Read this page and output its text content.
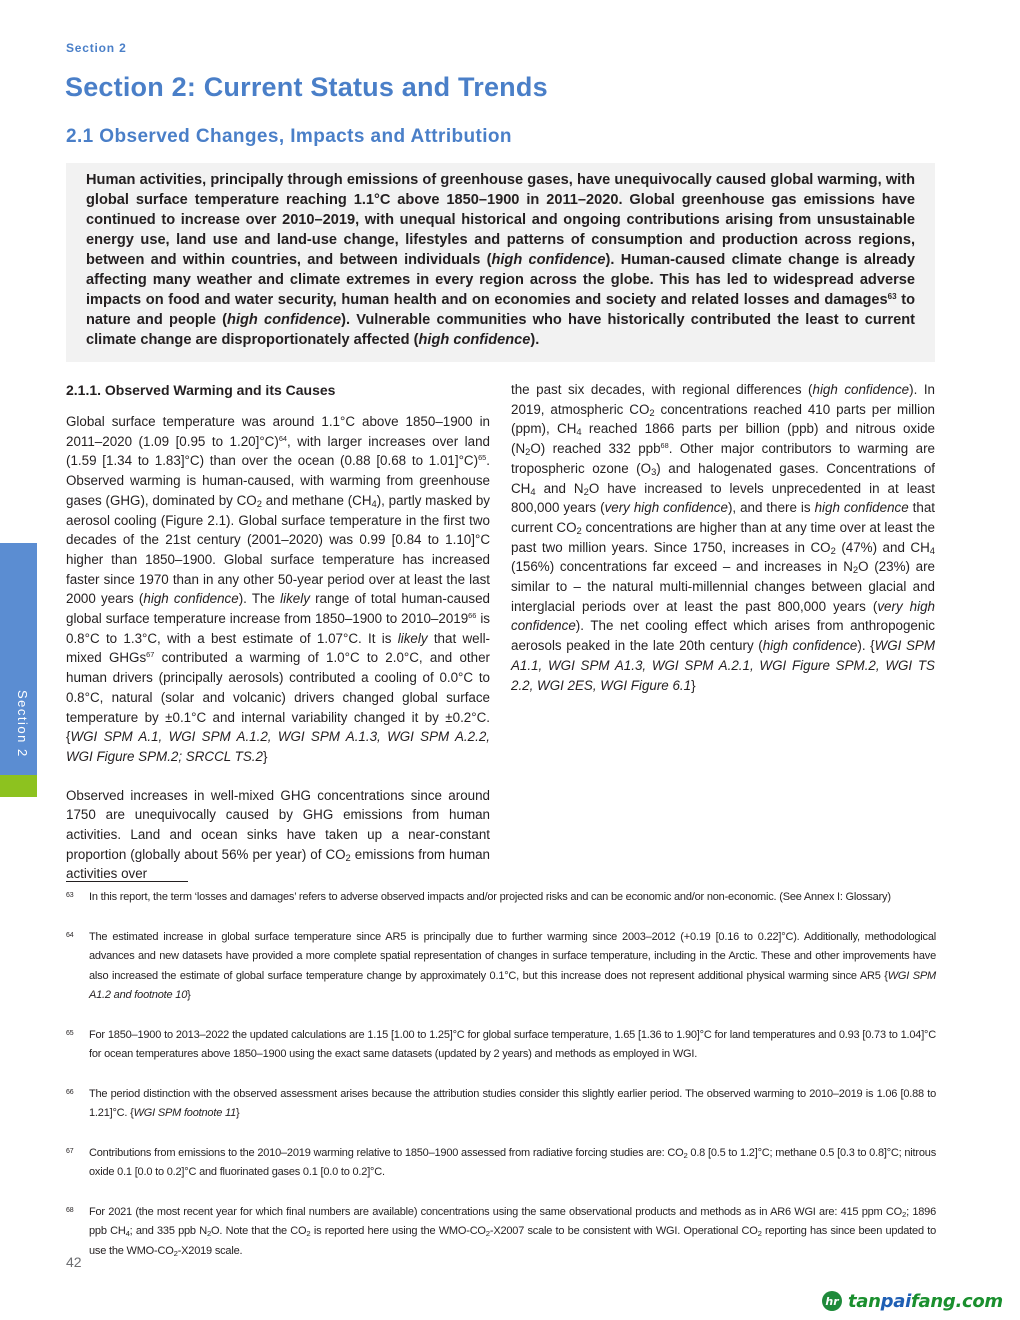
Section 2
Section 2: Current Status and Trends
2.1 Observed Changes, Impacts and Attribution

Human activities, principally through emissions of greenhouse gases, have unequivocally caused global warming, with global surface temperature reaching 1.1°C above 1850–1900 in 2011–2020. Global greenhouse gas emissions have continued to increase over 2010–2019, with unequal historical and ongoing contributions arising from unsustainable energy use, land use and land-use change, lifestyles and patterns of consumption and production across regions, between and within countries, and between individuals (high confidence). Human-caused climate change is already affecting many weather and climate extremes in every region across the globe. This has led to widespread adverse impacts on food and water security, human health and on economies and society and related losses and damages$^{63}$ to nature and people (high confidence). Vulnerable communities who have historically contributed the least to current climate change are disproportionately affected (high confidence).

2.1.1. Observed Warming and its Causes

Global surface temperature was around 1.1°C above 1850–1900 in 2011–2020 (1.09 [0.95 to 1.20]°C)$^{64}$, with larger increases over land (1.59 [1.34 to 1.83]°C) than over the ocean (0.88 [0.68 to 1.01]°C)$^{65}$. Observed warming is human-caused, with warming from greenhouse gases (GHG), dominated by $CO_2$ and methane $(CH_4)$, partly masked by aerosol cooling (Figure 2.1). Global surface temperature in the first two decades of the 21st century (2001–2020) was 0.99 [0.84 to 1.10]°C higher than 1850–1900. Global surface temperature has increased faster since 1970 than in any other 50-year period over at least the last 2000 years (high confidence). The likely range of total human-caused global surface temperature increase from 1850–1900 to 2010–2019$^{66}$ is 0.8°C to 1.3°C, with a best estimate of 1.07°C. It is likely that well-mixed GHGs$^{67}$ contributed a warming of 1.0°C to 2.0°C, and other human drivers (principally aerosols) contributed a cooling of 0.0°C to 0.8°C, natural (solar and volcanic) drivers changed global surface temperature by ±0.1°C and internal variability changed it by ±0.2°C. {WGI SPM A.1, WGI SPM A.1.2, WGI SPM A.1.3, WGI SPM A.2.2, WGI Figure SPM.2; SRCCL TS.2}

Observed increases in well-mixed GHG concentrations since around 1750 are unequivocally caused by GHG emissions from human activities. Land and ocean sinks have taken up a near-constant proportion (globally about 56% per year) of $CO_2$ emissions from human activities over

the past six decades, with regional differences (high confidence). In 2019, atmospheric $CO_2$ concentrations reached 410 parts per million (ppm), $CH_4$ reached 1866 parts per billion (ppb) and nitrous oxide $(N_2O)$ reached 332 ppb$^{68}$. Other major contributors to warming are tropospheric ozone $(O_3)$ and halogenated gases. Concentrations of $CH_4$ and $N_2O$ have increased to levels unprecedented in at least 800,000 years (very high confidence), and there is high confidence that current $CO_2$ concentrations are higher than at any time over at least the past two million years. Since 1750, increases in $CO_2$ (47%) and $CH_4$ (156%) concentrations far exceed – and increases in $N_2O$ (23%) are similar to – the natural multi-millennial changes between glacial and interglacial periods over at least the past 800,000 years (very high confidence). The net cooling effect which arises from anthropogenic aerosols peaked in the late 20th century (high confidence). {WGI SPM A1.1, WGI SPM A1.3, WGI SPM A.2.1, WGI Figure SPM.2, WGI TS 2.2, WGI 2ES, WGI Figure 6.1}

63 In this report, the term ‘losses and damages’ refers to adverse observed impacts and/or projected risks and can be economic and/or non-economic. (See Annex I: Glossary)
64 The estimated increase in global surface temperature since AR5 is principally due to further warming since 2003–2012 (+0.19 [0.16 to 0.22]°C). Additionally, methodological advances and new datasets have provided a more complete spatial representation of changes in surface temperature, including in the Arctic. These and other improvements have also increased the estimate of global surface temperature change by approximately 0.1°C, but this increase does not represent additional physical warming since AR5 {WGI SPM A1.2 and footnote 10}
65 For 1850–1900 to 2013–2022 the updated calculations are 1.15 [1.00 to 1.25]°C for global surface temperature, 1.65 [1.36 to 1.90]°C for land temperatures and 0.93 [0.73 to 1.04]°C for ocean temperatures above 1850–1900 using the exact same datasets (updated by 2 years) and methods as employed in WGI.
66 The period distinction with the observed assessment arises because the attribution studies consider this slightly earlier period. The observed warming to 2010–2019 is 1.06 [0.88 to 1.21]°C. {WGI SPM footnote 11}
67 Contributions from emissions to the 2010–2019 warming relative to 1850–1900 assessed from radiative forcing studies are: $CO_2$ 0.8 [0.5 to 1.2]°C; methane 0.5 [0.3 to 0.8]°C; nitrous oxide 0.1 [0.0 to 0.2]°C and fluorinated gases 0.1 [0.0 to 0.2]°C.
68 For 2021 (the most recent year for which final numbers are available) concentrations using the same observational products and methods as in AR6 WGI are: 415 ppm $CO_2$; 1896 ppb $CH_4$; and 335 ppb $N_2O$. Note that the $CO_2$ is reported here using the WMO-$CO_2-X2007$ scale to be consistent with WGI. Operational $CO_2$ reporting has since been updated to use the WMO-$CO_2-X2019$ scale.
42
Section 2
hr tanpaifang.com
